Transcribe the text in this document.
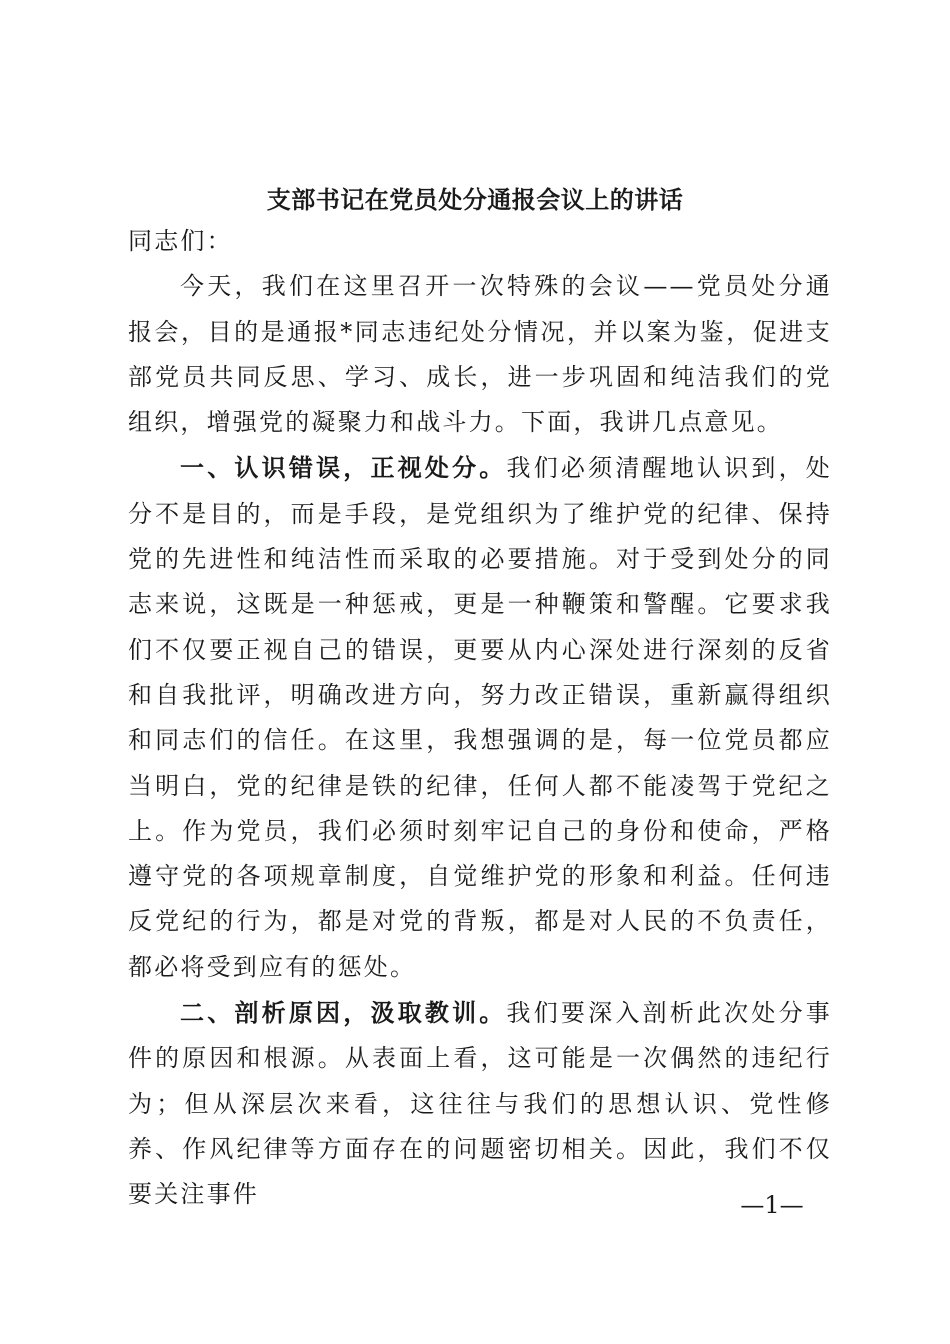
支部书记在党员处分通报会议上的讲话

同志们：

今天，我们在这里召开一次特殊的会议——党员处分通报会，目的是通报*同志违纪处分情况，并以案为鉴，促进支部党员共同反思、学习、成长，进一步巩固和纯洁我们的党组织，增强党的凝聚力和战斗力。下面，我讲几点意见。

一、认识错误，正视处分。我们必须清醒地认识到，处分不是目的，而是手段，是党组织为了维护党的纪律、保持党的先进性和纯洁性而采取的必要措施。对于受到处分的同志来说，这既是一种惩戒，更是一种鞭策和警醒。它要求我们不仅要正视自己的错误，更要从内心深处进行深刻的反省和自我批评，明确改进方向，努力改正错误，重新赢得组织和同志们的信任。在这里，我想强调的是，每一位党员都应当明白，党的纪律是铁的纪律，任何人都不能凌驾于党纪之上。作为党员，我们必须时刻牢记自己的身份和使命，严格遵守党的各项规章制度，自觉维护党的形象和利益。任何违反党纪的行为，都是对党的背叛，都是对人民的不负责任，都必将受到应有的惩处。

二、剖析原因，汲取教训。我们要深入剖析此次处分事件的原因和根源。从表面上看，这可能是一次偶然的违纪行为；但从深层次来看，这往往与我们的思想认识、党性修养、作风纪律等方面存在的问题密切相关。因此，我们不仅要关注事件	—1—
